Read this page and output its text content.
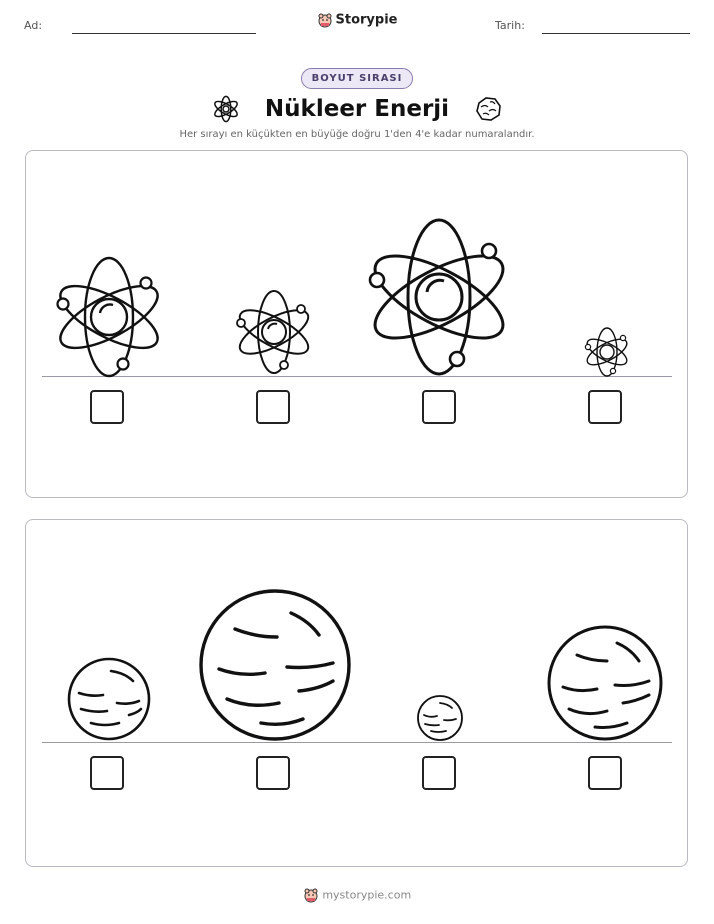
Ad:	Storypie	Tarih:
BOYUT SIRASI
Nükleer Enerji
Her sırayı en küçükten en büyüğe doğru 1'den 4'e kadar numaralandır.
mystorypie.com
